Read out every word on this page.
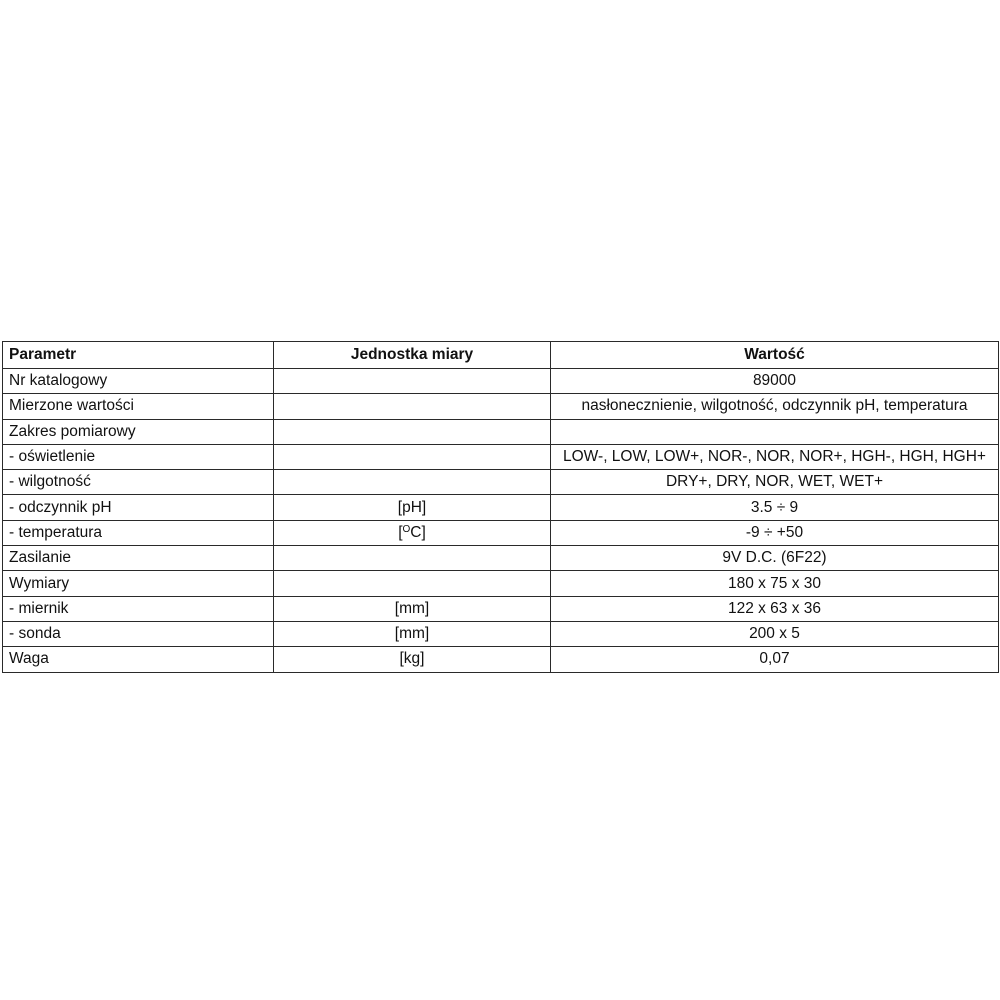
Parametr	Jednostka miary	Wartość
Nr katalogowy		89000
Mierzone wartości		nasłonecznienie, wilgotność, odczynnik pH, temperatura
Zakres pomiarowy		
- oświetlenie		LOW-, LOW, LOW+, NOR-, NOR, NOR+, HGH-, HGH, HGH+
- wilgotność		DRY+, DRY, NOR, WET, WET+
- odczynnik pH	[pH]	3.5 ÷ 9
- temperatura	[$^O$C]	-9 ÷ +50
Zasilanie		9V D.C. (6F22)
Wymiary		180 x 75 x 30
- miernik	[mm]	122 x 63 x 36
- sonda	[mm]	200 x 5
Waga	[kg]	0,07
